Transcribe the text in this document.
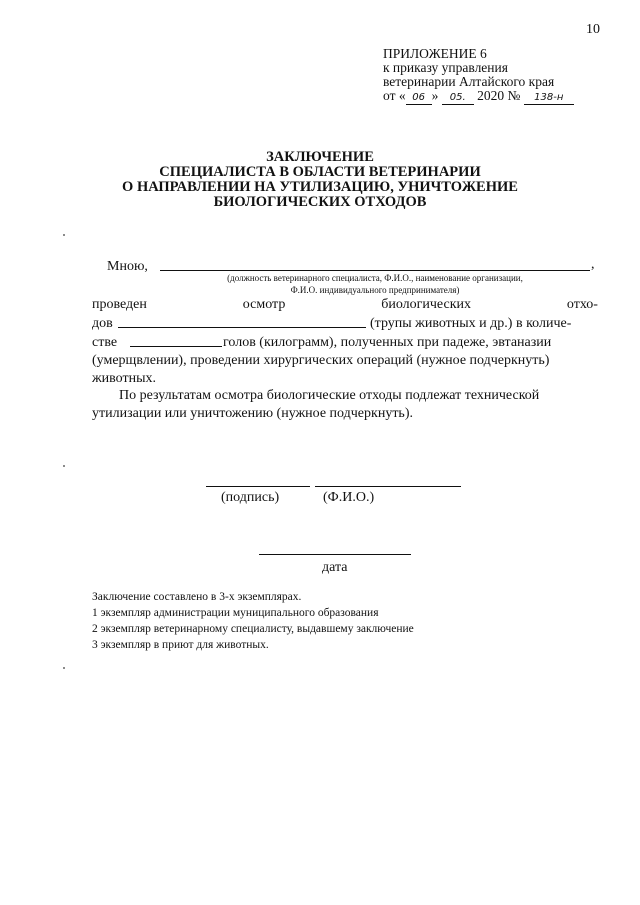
10
ПРИЛОЖЕНИЕ 6
к приказу управления
ветеринарии Алтайского края
от « 06 » 05. 2020 № 138-н
ЗАКЛЮЧЕНИЕ
СПЕЦИАЛИСТА В ОБЛАСТИ ВЕТЕРИНАРИИ
О НАПРАВЛЕНИИ НА УТИЛИЗАЦИЮ, УНИЧТОЖЕНИЕ
БИОЛОГИЧЕСКИХ ОТХОДОВ
Мною,	,
(должность ветеринарного специалиста, Ф.И.О., наименование организации,
Ф.И.О. индивидуального предпринимателя)
проведен	осмотр	биологических	отхо-
дов	(трупы животных и др.) в количе-
стве	голов (килограмм), полученных при падеже, эвтаназии
(умерщвлении), проведении хирургических операций (нужное подчеркнуть)
животных.
По результатам осмотра биологические отходы подлежат технической
утилизации или уничтожению (нужное подчеркнуть).
(подпись)	(Ф.И.О.)
дата
Заключение составлено в 3-х экземплярах.
1 экземпляр администрации муниципального образования
2 экземпляр ветеринарному специалисту, выдавшему заключение
3 экземпляр в приют для животных.
